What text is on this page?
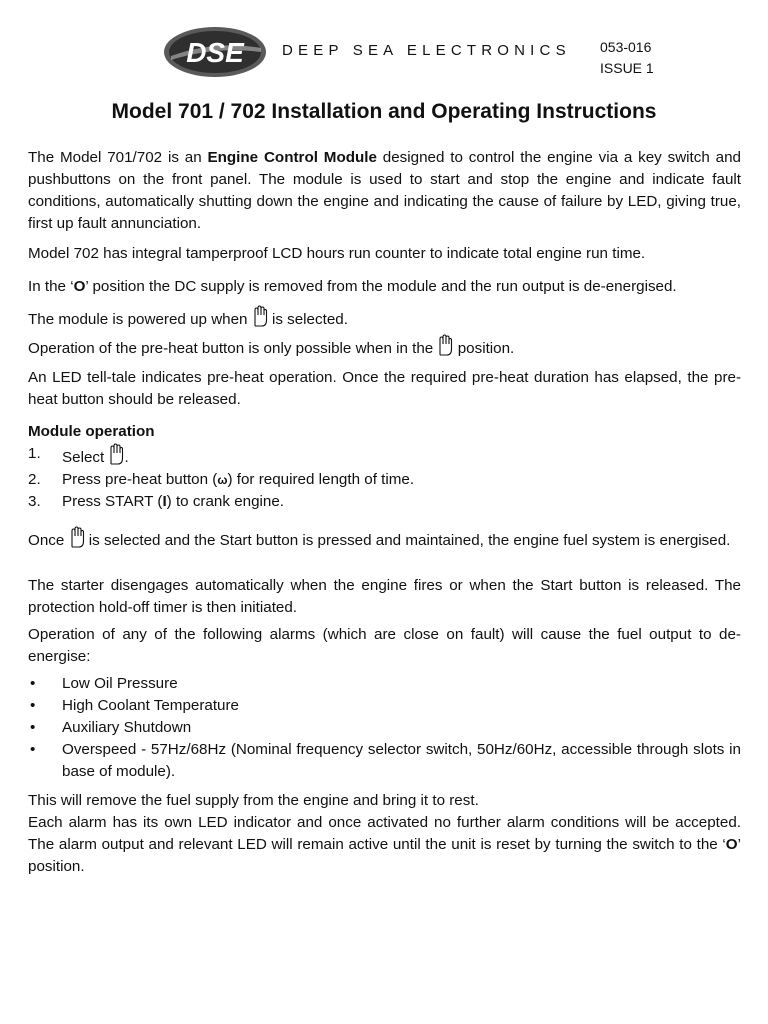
DSE	DEEP SEA ELECTRONICS 053-016
ISSUE 1
Model 701 / 702 Installation and Operating Instructions

The Model 701/702 is an Engine Control Module designed to control the engine via a key switch and pushbuttons on the front panel. The module is used to start and stop the engine and indicate fault conditions, automatically shutting down the engine and indicating the cause of failure by LED, giving true, first up fault annunciation.

Model 702 has integral tamperproof LCD hours run counter to indicate total engine run time.

In the ‘O’ position the DC supply is removed from the module and the run output is de-energised.

The module is powered up when
is selected.

Operation of the pre-heat button is only possible when in the
position.

An LED tell-tale indicates pre-heat operation. Once the required pre-heat duration has elapsed, the pre-heat button should be released.

Module operation

1. Select
.
2. Press pre-heat button (ω) for required length of time.
3. Press START (I) to crank engine.

Once
is selected and the Start button is pressed and maintained, the engine fuel system is energised.

The starter disengages automatically when the engine fires or when the Start button is released. The protection hold-off timer is then initiated.

Operation of any of the following alarms (which are close on fault) will cause the fuel output to de-energise:

• Low Oil Pressure
• High Coolant Temperature
• Auxiliary Shutdown
• Overspeed - 57Hz/68Hz (Nominal frequency selector switch, 50Hz/60Hz, accessible through slots in base of module).

This will remove the fuel supply from the engine and bring it to rest.

Each alarm has its own LED indicator and once activated no further alarm conditions will be accepted. The alarm output and relevant LED will remain active until the unit is reset by turning the switch to the ‘O’ position.
